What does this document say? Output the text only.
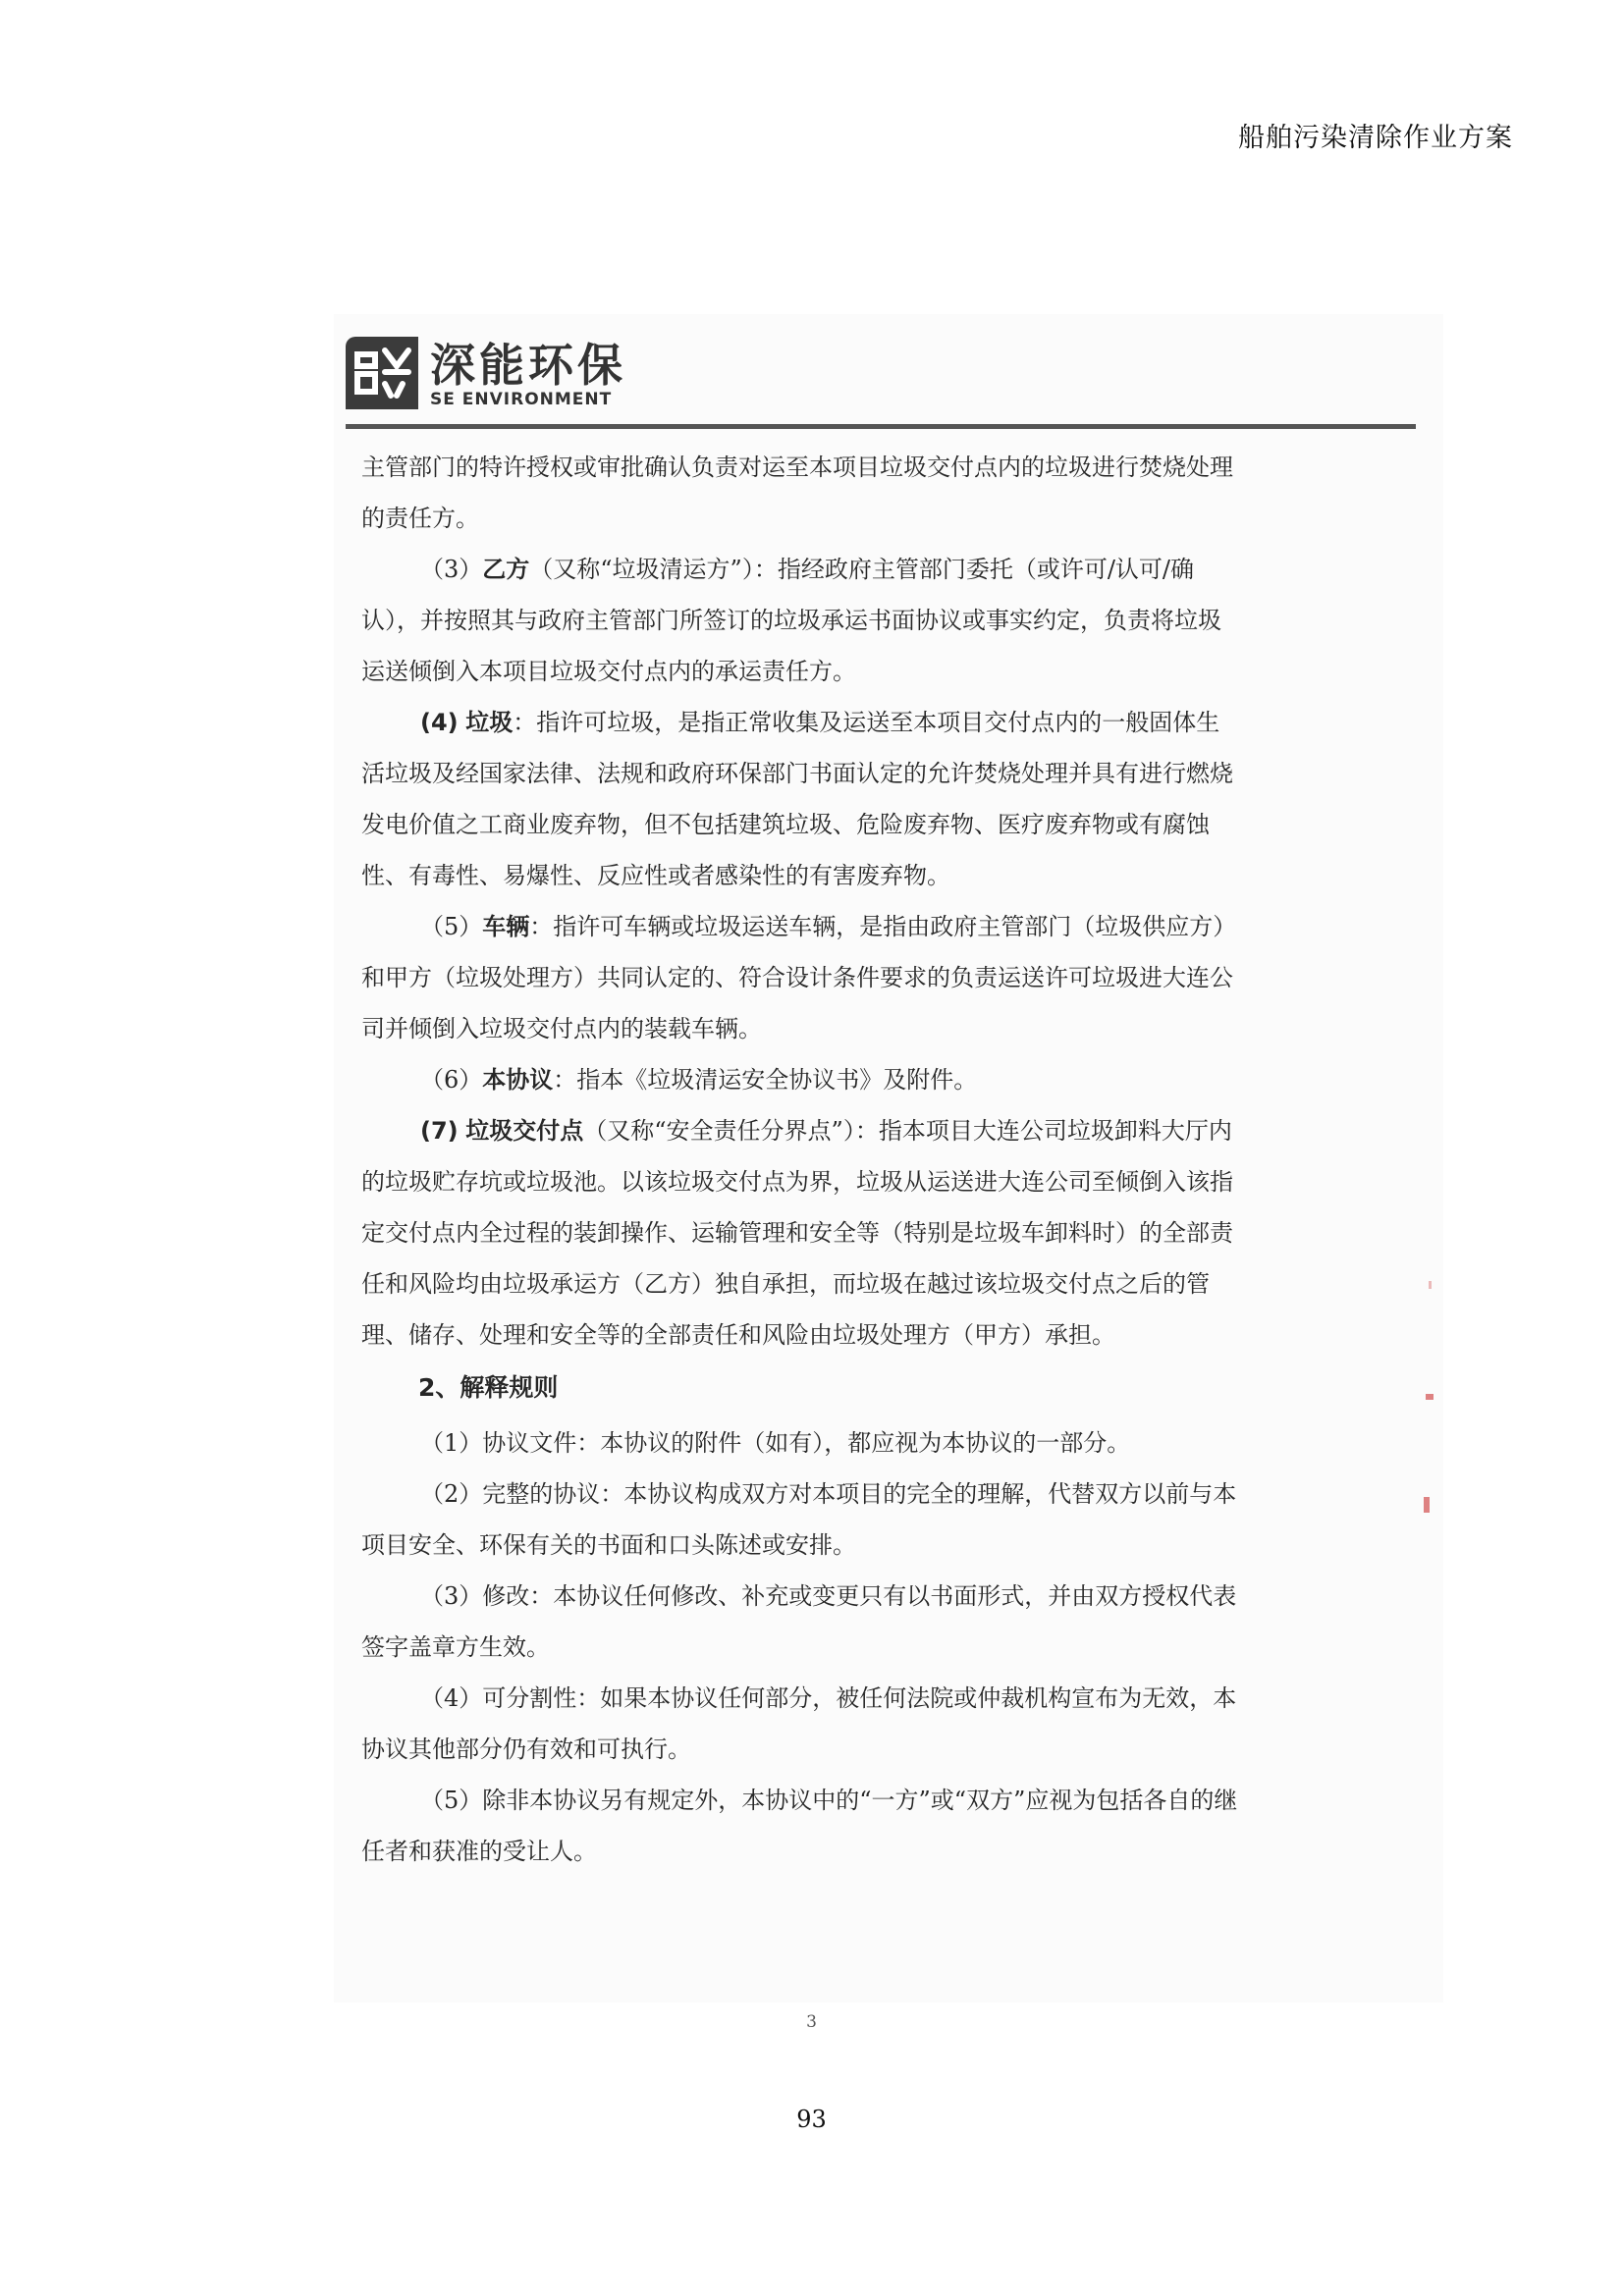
船舶污染清除作业方案
深能环保
SE ENVIRONMENT

主管部门的特许授权或审批确认负责对运至本项目垃圾交付点内的垃圾进行焚烧处理的责任方。

（3）乙方（又称“垃圾清运方”）：指经政府主管部门委托（或许可/认可/确认），并按照其与政府主管部门所签订的垃圾承运书面协议或事实约定，负责将垃圾运送倾倒入本项目垃圾交付点内的承运责任方。

(4) 垃圾：指许可垃圾，是指正常收集及运送至本项目交付点内的一般固体生活垃圾及经国家法律、法规和政府环保部门书面认定的允许焚烧处理并具有进行燃烧发电价值之工商业废弃物，但不包括建筑垃圾、危险废弃物、医疗废弃物或有腐蚀性、有毒性、易爆性、反应性或者感染性的有害废弃物。

（5）车辆：指许可车辆或垃圾运送车辆，是指由政府主管部门（垃圾供应方）和甲方（垃圾处理方）共同认定的、符合设计条件要求的负责运送许可垃圾进大连公司并倾倒入垃圾交付点内的装载车辆。

（6）本协议：指本《垃圾清运安全协议书》及附件。

(7) 垃圾交付点（又称“安全责任分界点”）：指本项目大连公司垃圾卸料大厅内的垃圾贮存坑或垃圾池。以该垃圾交付点为界，垃圾从运送进大连公司至倾倒入该指定交付点内全过程的装卸操作、运输管理和安全等（特别是垃圾车卸料时）的全部责任和风险均由垃圾承运方（乙方）独自承担，而垃圾在越过该垃圾交付点之后的管理、储存、处理和安全等的全部责任和风险由垃圾处理方（甲方）承担。

2、解释规则

（1）协议文件：本协议的附件（如有），都应视为本协议的一部分。

（2）完整的协议：本协议构成双方对本项目的完全的理解，代替双方以前与本项目安全、环保有关的书面和口头陈述或安排。

（3）修改：本协议任何修改、补充或变更只有以书面形式，并由双方授权代表签字盖章方生效。

（4）可分割性：如果本协议任何部分，被任何法院或仲裁机构宣布为无效，本协议其他部分仍有效和可执行。

（5）除非本协议另有规定外，本协议中的“一方”或“双方”应视为包括各自的继任者和获准的受让人。

3
93
